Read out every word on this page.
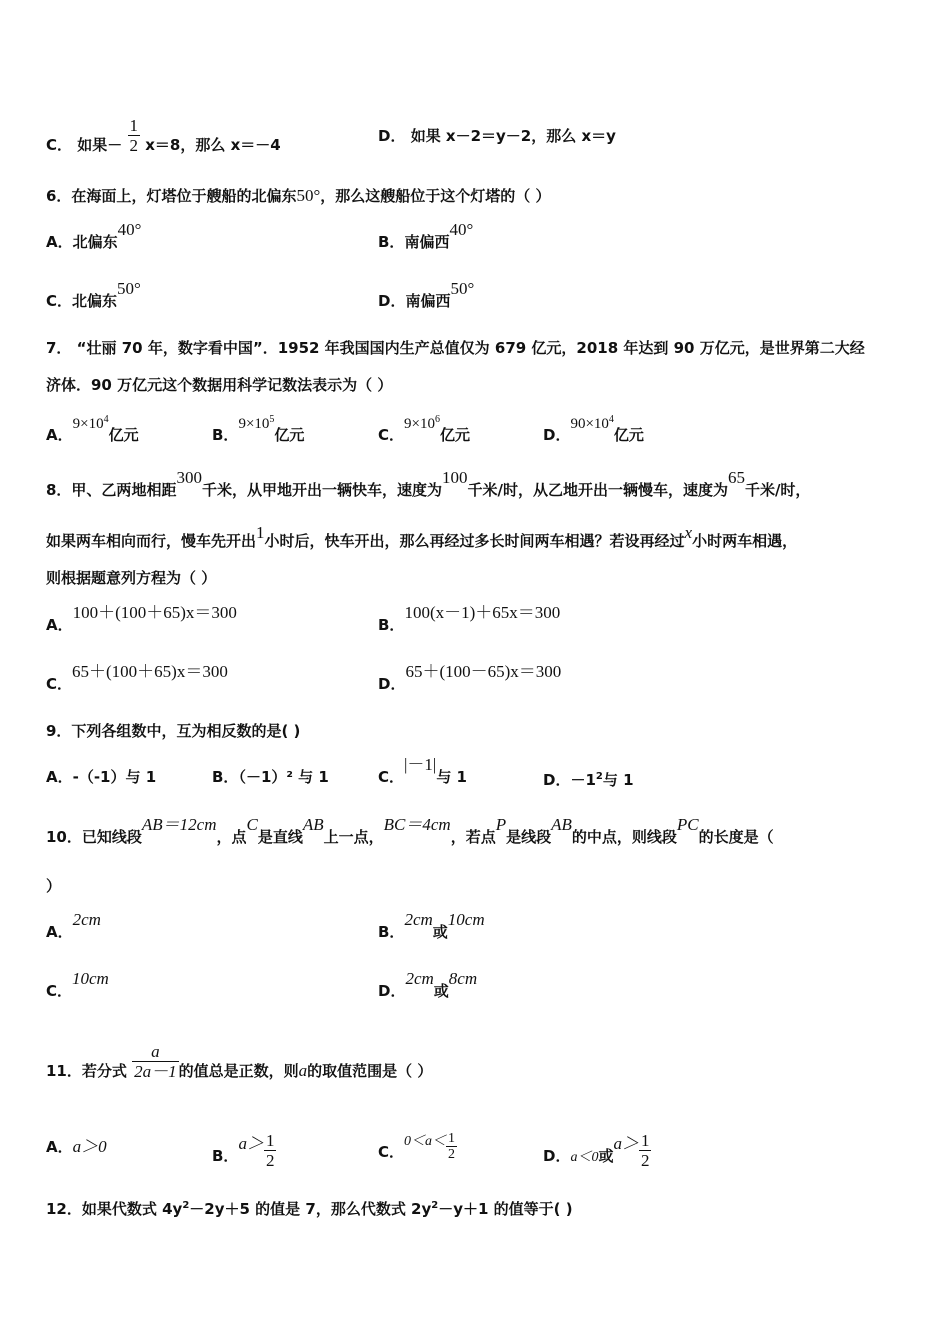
C． 如果－ $\frac{1}{2} x=8$，那么 x＝－4	D． 如果 x－2＝y－2，那么 x＝y
6．在海面上，灯塔位于艘船的北偏东50°，那么这艘船位于这个灯塔的（ ）
A．北偏东40°
B．南偏西40°
C．北偏东50°
D．南偏西50°
7． “壮丽 70 年，数字看中国”．1952 年我国国内生产总值仅为 679 亿元，2018 年达到 90 万亿元，是世界第二大经
济体．90 万亿元这个数据用科学记数法表示为（ ）
A．$9\times 10^4$亿元	B．$9\times 10^5$亿元	C．$9\times 10^6$亿元	D．$90\times 10^4$亿元
8．甲、乙两地相距300千米，从甲地开出一辆快车，速度为100千米/时，从乙地开出一辆慢车，速度为65千米/时，
如果两车相向而行，慢车先开出1小时后，快车开出，那么再经过多长时间两车相遇？若设再经过x小时两车相遇，
则根据题意列方程为（ ）
A．100＋(100＋65)x＝300
B．100(x－1)＋65x＝300
C．65＋(100＋65)x＝300
D．65＋(100－65)x＝300
9．下列各组数中，互为相反数的是( )
A．-（-1）与 1	B．（－1）² 与 1	C．|－1|与 1	D．$-1^2$与 1
10．已知线段AB＝12cm，点C是直线AB上一点，BC＝4cm，若点P是线段AB的中点，则线段PC的长度是（
）
A．2cm
B．2cm或10cm
C．10cm
D．2cm或8cm
11．若分式 $\frac{a}{2a-1}$ 的值总是正数，则a的取值范围是（ ）
A．a＞0	B．$a> \frac{1}{2}$	C．$0<a< \frac{1}{2}$	D．a＜0或$a> \frac{1}{2}$
12．如果代数式 $4y^2-2y+5$ 的值是 7，那么代数式 $2y^2-y+1$ 的值等于( )
